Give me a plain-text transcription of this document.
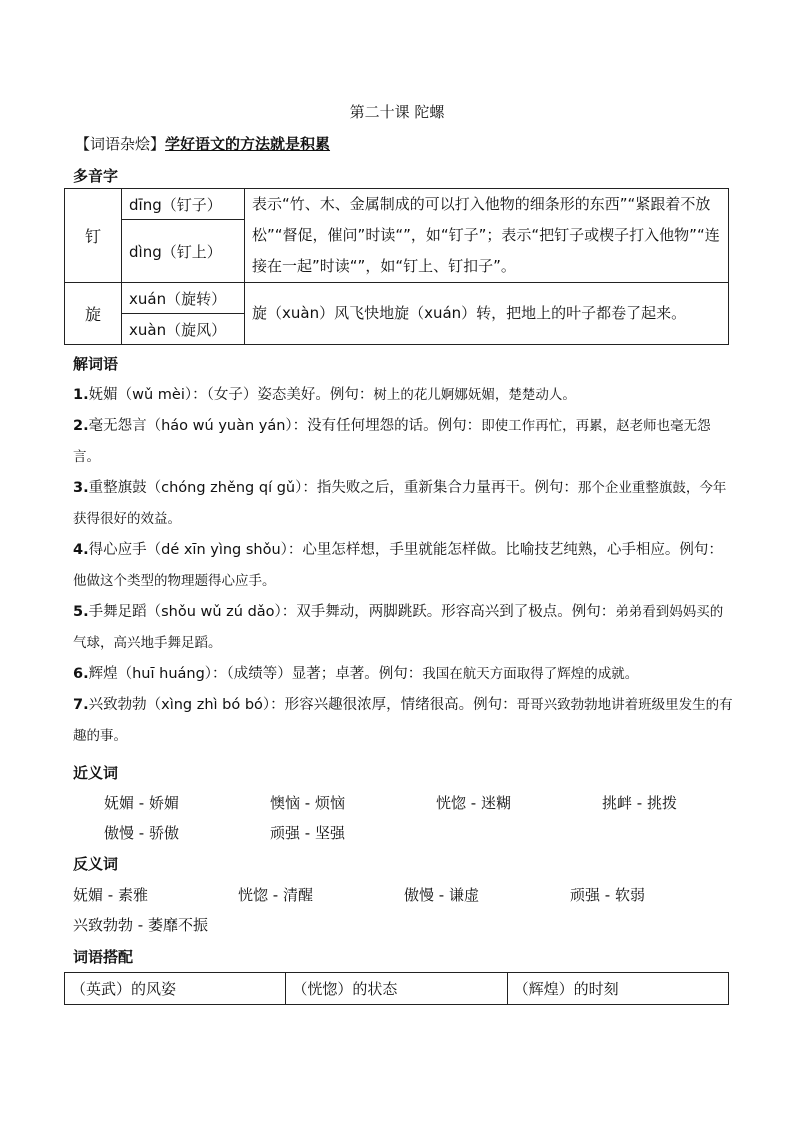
第二十课 陀螺
【词语杂烩】学好语文的方法就是积累
多音字
钉	dīng（钉子）	表示“竹、木、金属制成的可以打入他物的细条形的东西”“紧跟着不放松”“督促，催问”时读“”，如“钉子”；表示“把钉子或楔子打入他物”“连接在一起”时读“”，如“钉上、钉扣子”。
	dìng（钉上）	
旋	xuán（旋转）	旋（xuàn）风飞快地旋（xuán）转，把地上的叶子都卷了起来。
	xuàn（旋风）	
解词语
1.妩媚（wǔ mèi）：（女子）姿态美好。例句：树上的花儿婀娜妩媚，楚楚动人。
2.毫无怨言（háo wú yuàn yán）：没有任何埋怨的话。例句：即使工作再忙，再累，赵老师也毫无怨言。
3.重整旗鼓（chóng zhěng qí gǔ）：指失败之后，重新集合力量再干。例句：那个企业重整旗鼓，今年获得很好的效益。
4.得心应手（dé xīn yìng shǒu）：心里怎样想，手里就能怎样做。比喻技艺纯熟，心手相应。例句：他做这个类型的物理题得心应手。
5.手舞足蹈（shǒu wǔ zú dǎo）：双手舞动，两脚跳跃。形容高兴到了极点。例句：弟弟看到妈妈买的气球，高兴地手舞足蹈。
6.辉煌（huī huáng）：（成绩等）显著；卓著。例句：我国在航天方面取得了辉煌的成就。
7.兴致勃勃（xìng zhì bó bó）：形容兴趣很浓厚，情绪很高。例句：哥哥兴致勃勃地讲着班级里发生的有趣的事。
近义词
妩媚 - 娇媚	懊恼 - 烦恼	恍惚 - 迷糊	挑衅 - 挑拨
傲慢 - 骄傲	顽强 - 坚强
反义词
妩媚 - 素雅	恍惚 - 清醒	傲慢 - 谦虚	顽强 - 软弱
兴致勃勃 - 萎靡不振
词语搭配
（英武）的风姿	（恍惚）的状态	（辉煌）的时刻
